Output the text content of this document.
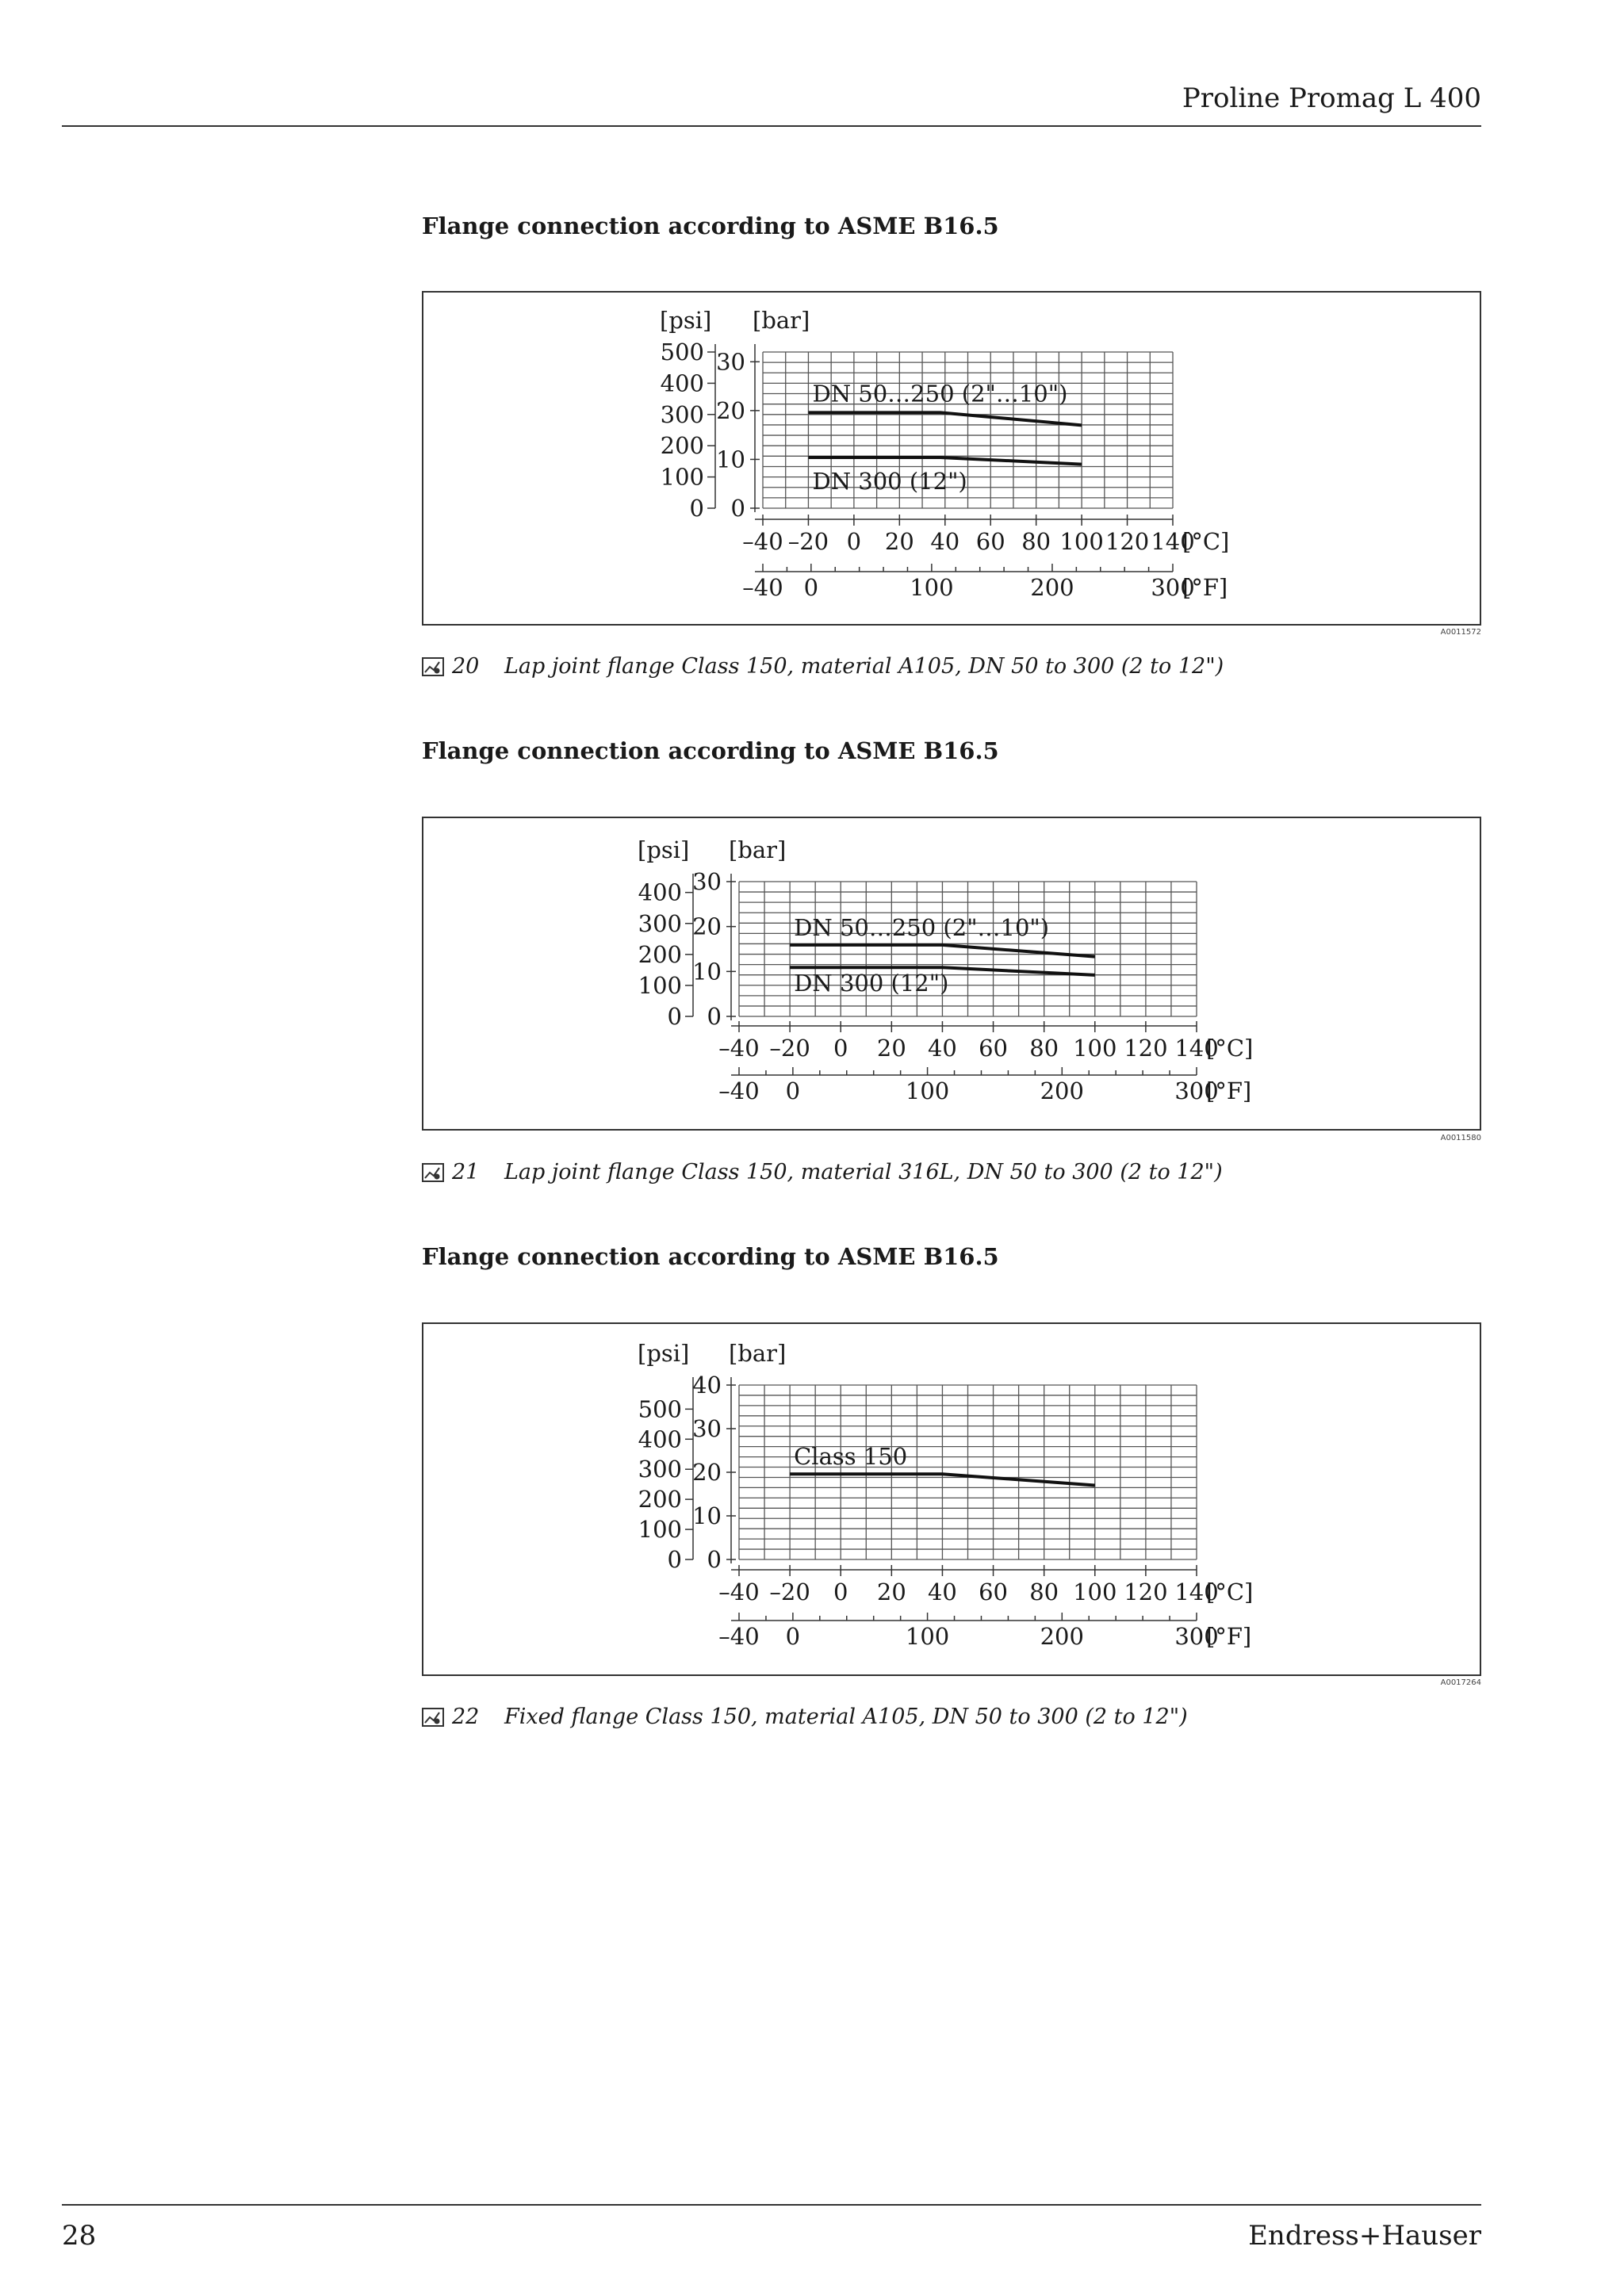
Proline Promag L 400
Flange connection according to ASME B16.5
[bar]
0
10
20
30
[psi]
0
100
200
300
400
500
–40 –20 0 20 40 60 80 100 120 140
[°C]
–40 0	100	200	300
[°F]
DN 50…250 (2"…10")
DN 300 (12")
A0011572
20 Lap joint flange Class 150, material A105, DN 50 to 300 (2 to 12")
Flange connection according to ASME B16.5
[bar]
0
10
20
30
[psi]
0
100
200
300
400
–40 –20 0 20 40 60 80 100 120 140
[°C]
–40 0	100	200	300
[°F]
DN 50…250 (2"…10")
DN 300 (12")
A0011580
21 Lap joint flange Class 150, material 316L, DN 50 to 300 (2 to 12")
Flange connection according to ASME B16.5
[bar]
0
10
20
30
40
[psi]
0
100
200
300
400
500
–40 –20 0 20 40 60 80 100 120 140
[°C]
–40 0	100	200	300
[°F]
Class 150
A0017264
22 Fixed flange Class 150, material A105, DN 50 to 300 (2 to 12")
28	Endress+Hauser
